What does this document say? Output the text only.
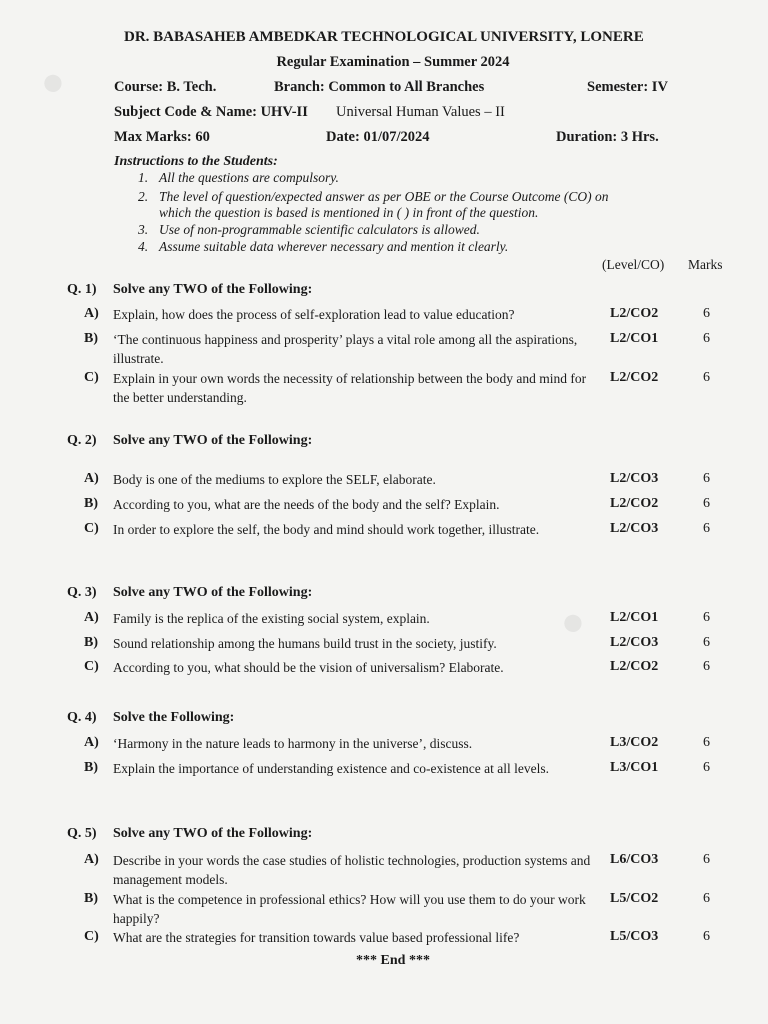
●
●
DR. BABASAHEB AMBEDKAR TECHNOLOGICAL UNIVERSITY, LONERE
Regular Examination – Summer 2024
Course: B. Tech.	Branch: Common to All Branches	Semester: IV
Subject Code & Name: UHV-II Universal Human Values – II
Max Marks: 60	Date: 01/07/2024	Duration: 3 Hrs.
Instructions to the Students:
1. All the questions are compulsory.
2. The level of question/expected answer as per OBE or the Course Outcome (CO) on
which the question is based is mentioned in ( ) in front of the question.
3. Use of non-programmable scientific calculators is allowed.
4. Assume suitable data wherever necessary and mention it clearly.
(Level/CO) Marks
Q. 1) Solve any TWO of the Following:
A) Explain, how does the process of self-exploration lead to value education?	L2/CO2	6
B) ‘The continuous happiness and prosperity’ plays a vital role among all the aspirations, illustrate.
L2/CO1	6
C) Explain in your own words the necessity of relationship between the body and mind for the better understanding.
L2/CO2	6
Q. 2) Solve any TWO of the Following:
A) Body is one of the mediums to explore the SELF, elaborate.	L2/CO3	6
B) According to you, what are the needs of the body and the self? Explain.	L2/CO2	6
C) In order to explore the self, the body and mind should work together, illustrate.	L2/CO3	6
Q. 3) Solve any TWO of the Following:
A) Family is the replica of the existing social system, explain.	L2/CO1	6
B) Sound relationship among the humans build trust in the society, justify.	L2/CO3	6
C) According to you, what should be the vision of universalism? Elaborate.	L2/CO2	6
Q. 4) Solve the Following:
A) ‘Harmony in the nature leads to harmony in the universe’, discuss.	L3/CO2	6
B) Explain the importance of understanding existence and co-existence at all levels.	L3/CO1	6
Q. 5) Solve any TWO of the Following:
A) Describe in your words the case studies of holistic technologies, production systems and management models.
L6/CO3	6
B) What is the competence in professional ethics? How will you use them to do your work happily?
L5/CO2	6
C) What are the strategies for transition towards value based professional life?	L5/CO3	6
*** End ***
